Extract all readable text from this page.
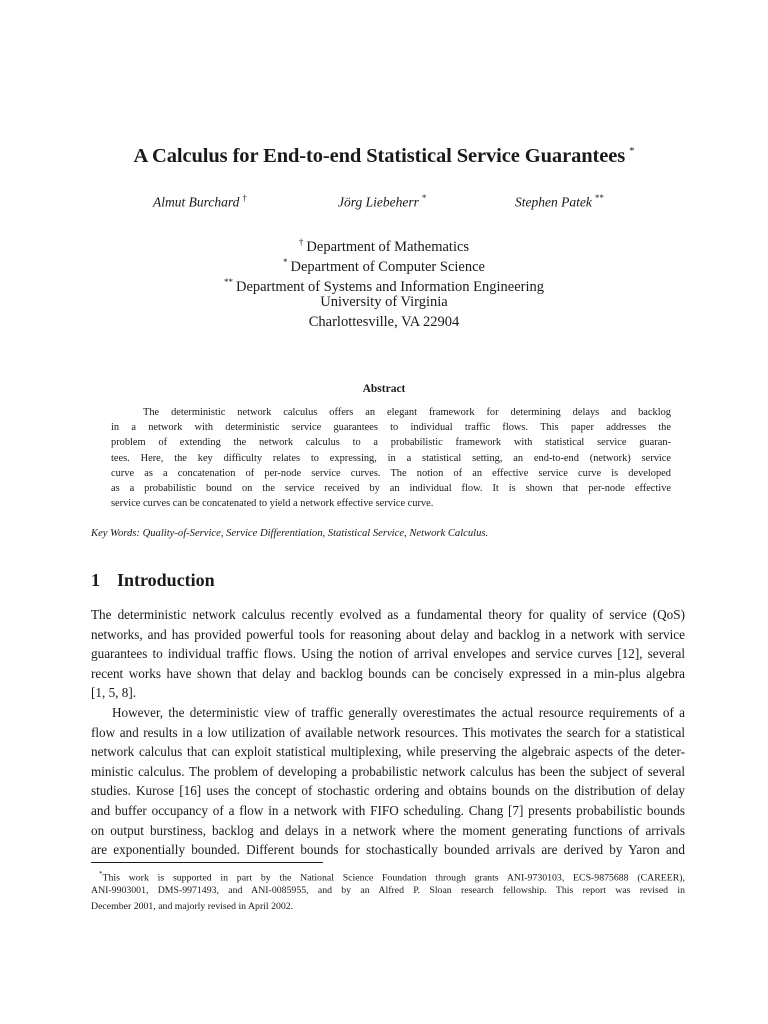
A Calculus for End-to-end Statistical Service Guarantees *
Almut Burchard †	Jörg Liebeherr *	Stephen Patek **
† Department of Mathematics
* Department of Computer Science
** Department of Systems and Information Engineering
University of Virginia
Charlottesville, VA 22904
Abstract
The deterministic network calculus offers an elegant framework for determining delays and backlog
in a network with deterministic service guarantees to individual traffic flows. This paper addresses the
problem of extending the network calculus to a probabilistic framework with statistical service guaran-
tees. Here, the key difficulty relates to expressing, in a statistical setting, an end-to-end (network) service
curve as a concatenation of per-node service curves. The notion of an effective service curve is developed
as a probabilistic bound on the service received by an individual flow. It is shown that per-node effective
service curves can be concatenated to yield a network effective service curve.
Key Words: Quality-of-Service, Service Differentiation, Statistical Service, Network Calculus.
1 Introduction
The deterministic network calculus recently evolved as a fundamental theory for quality of service (QoS)
networks, and has provided powerful tools for reasoning about delay and backlog in a network with service
guarantees to individual traffic flows. Using the notion of arrival envelopes and service curves [12], several
recent works have shown that delay and backlog bounds can be concisely expressed in a min-plus algebra
[1, 5, 8].
However, the deterministic view of traffic generally overestimates the actual resource requirements of a
flow and results in a low utilization of available network resources. This motivates the search for a statistical
network calculus that can exploit statistical multiplexing, while preserving the algebraic aspects of the deter-
ministic calculus. The problem of developing a probabilistic network calculus has been the subject of several
studies. Kurose [16] uses the concept of stochastic ordering and obtains bounds on the distribution of delay
and buffer occupancy of a flow in a network with FIFO scheduling. Chang [7] presents probabilistic bounds
on output burstiness, backlog and delays in a network where the moment generating functions of arrivals
are exponentially bounded. Different bounds for stochastically bounded arrivals are derived by Yaron and
*This work is supported in part by the National Science Foundation through grants ANI-9730103, ECS-9875688 (CAREER),
ANI-9903001, DMS-9971493, and ANI-0085955, and by an Alfred P. Sloan research fellowship. This report was revised in
December 2001, and majorly revised in April 2002.
